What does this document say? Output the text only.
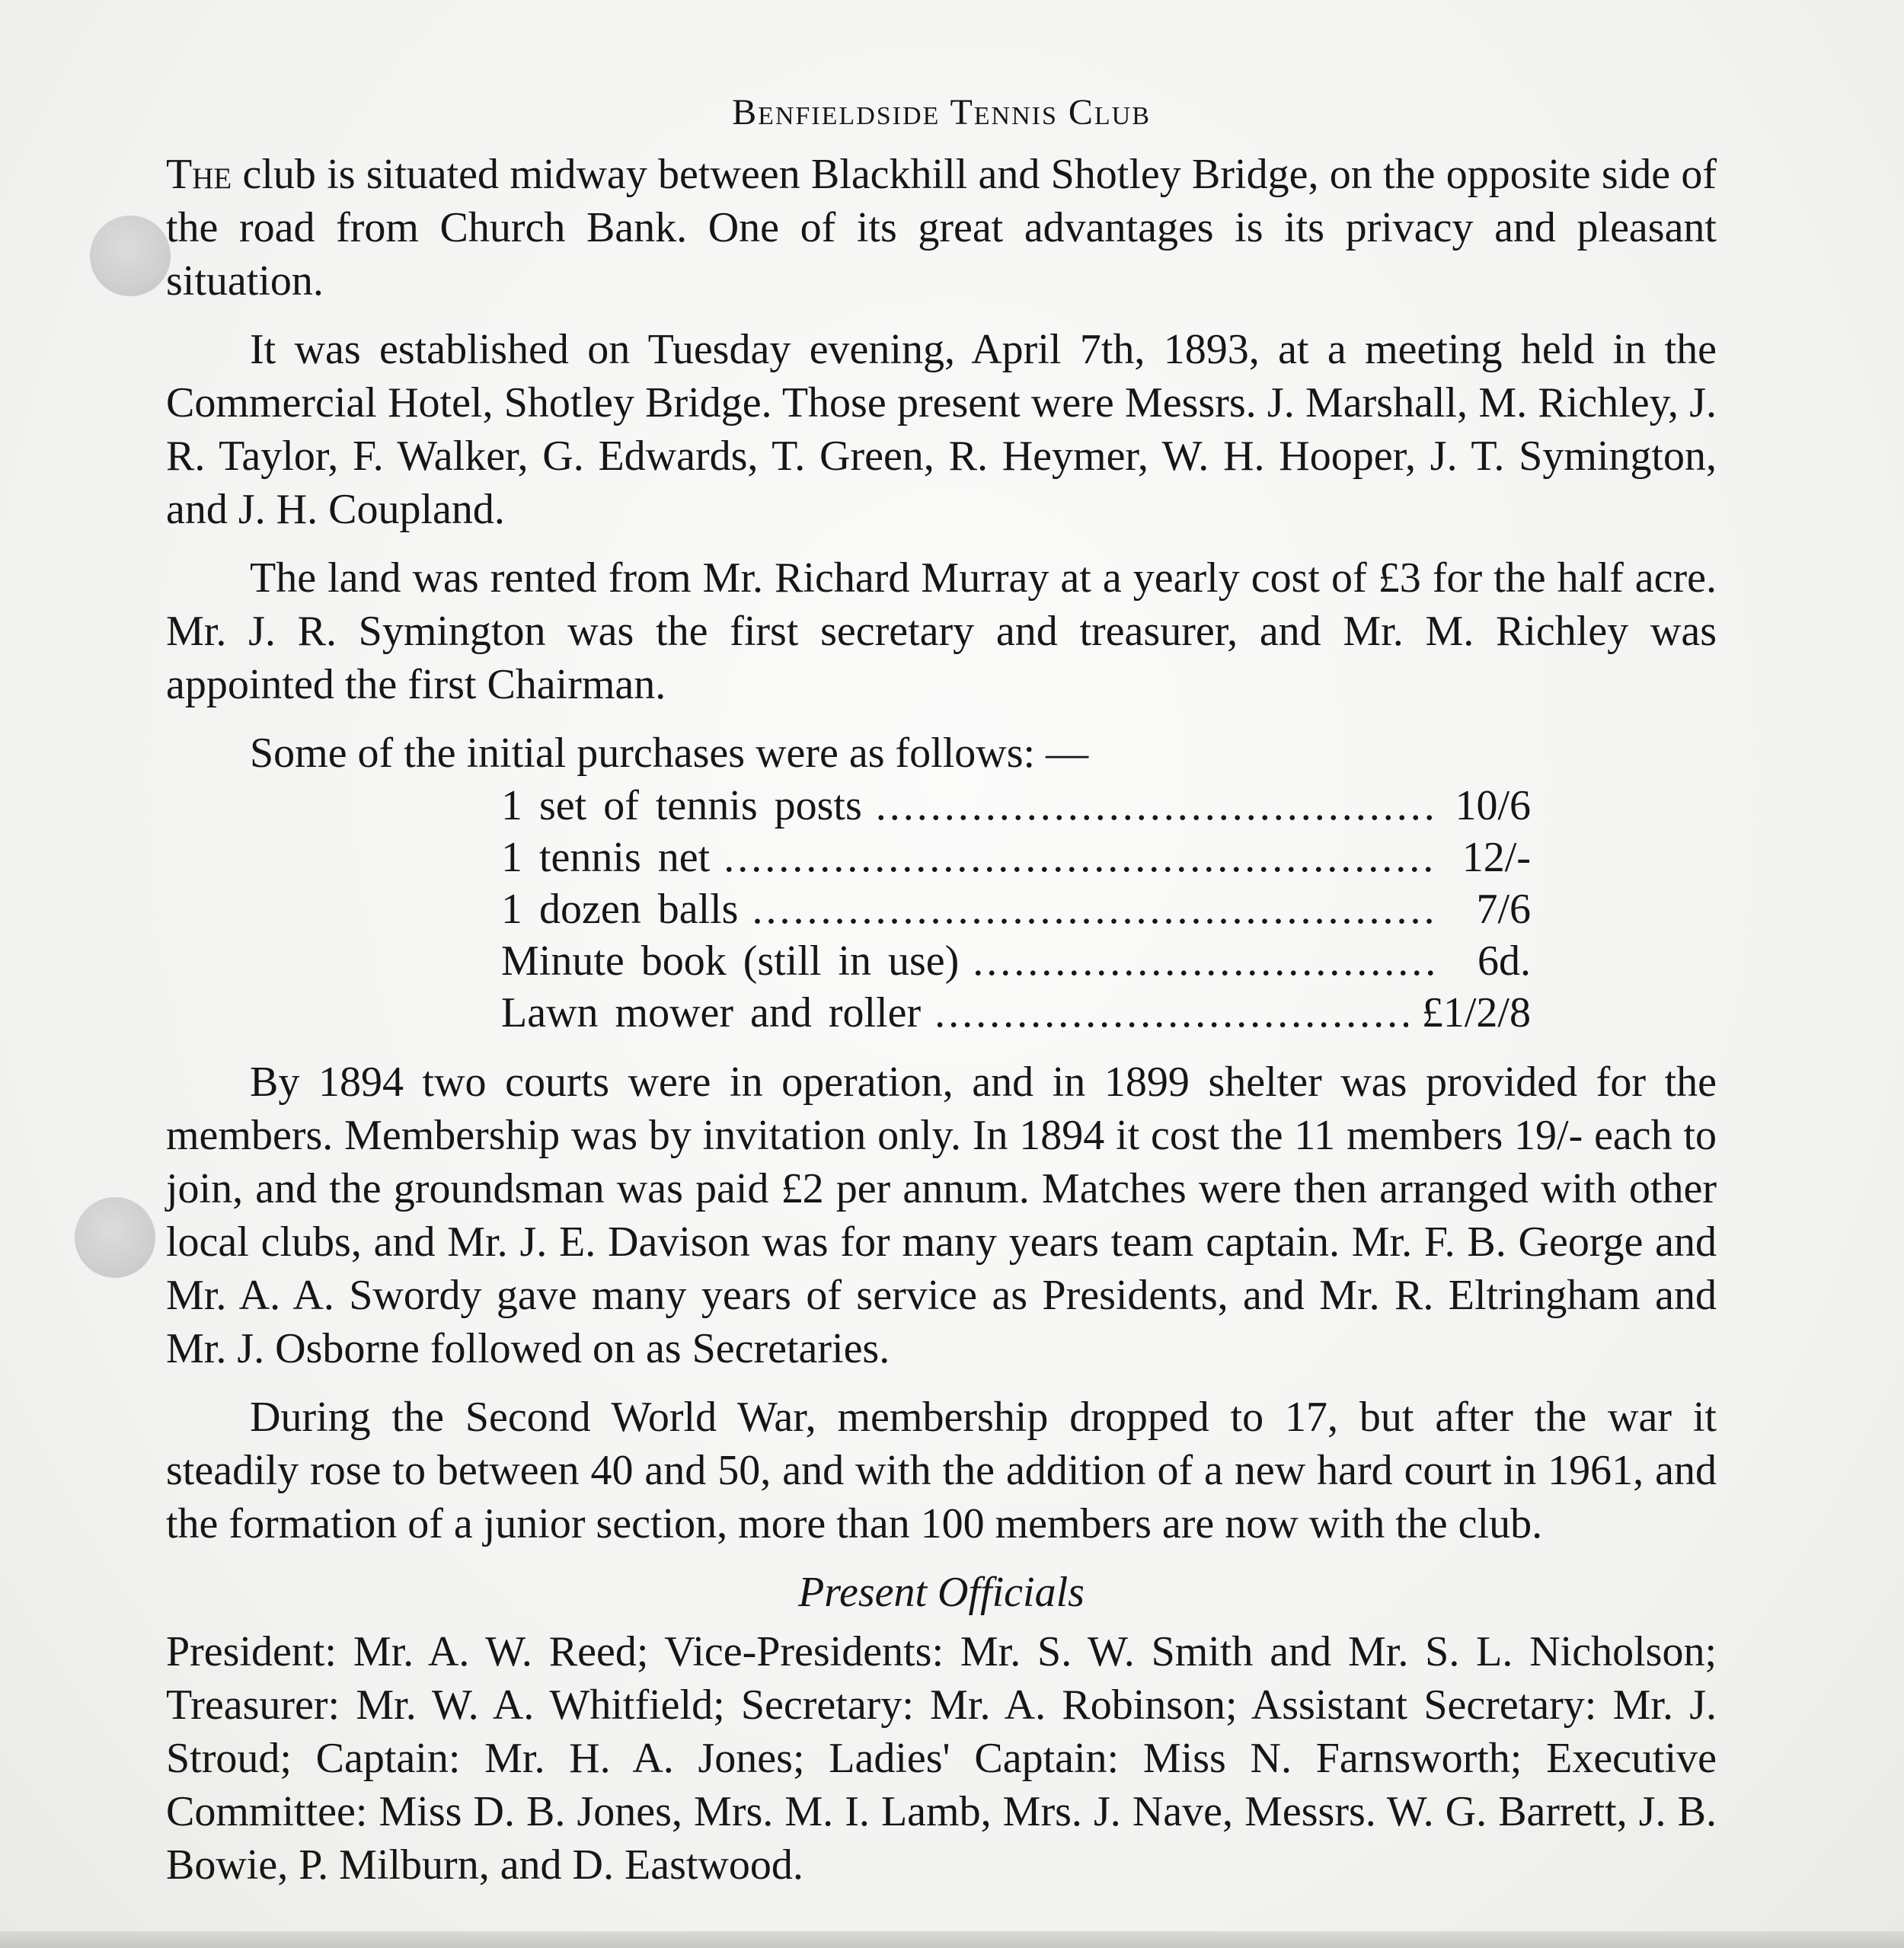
Benfieldside Tennis Club

The club is situated midway between Blackhill and Shotley Bridge, on the opposite side of the road from Church Bank. One of its great advantages is its privacy and pleasant situation.

It was established on Tuesday evening, April 7th, 1893, at a meeting held in the Commercial Hotel, Shotley Bridge. Those present were Messrs. J. Marshall, M. Richley, J. R. Taylor, F. Walker, G. Edwards, T. Green, R. Heymer, W. H. Hooper, J. T. Symington, and J. H. Coupland.

The land was rented from Mr. Richard Murray at a yearly cost of £3 for the half acre. Mr. J. R. Symington was the first secretary and treasurer, and Mr. M. Richley was appointed the first Chairman.

Some of the initial purchases were as follows: —

1 set of tennis posts .....	10/6
1 tennis net .....	12/-
1 dozen balls .....	7/6
Minute book (still in use) .....	6d.
Lawn mower and roller .....	£1/2/8

By 1894 two courts were in operation, and in 1899 shelter was provided for the members. Membership was by invitation only. In 1894 it cost the 11 members 19/- each to join, and the groundsman was paid £2 per annum. Matches were then arranged with other local clubs, and Mr. J. E. Davison was for many years team captain. Mr. F. B. George and Mr. A. A. Swordy gave many years of service as Presidents, and Mr. R. Eltringham and Mr. J. Osborne followed on as Secretaries.

During the Second World War, membership dropped to 17, but after the war it steadily rose to between 40 and 50, and with the addition of a new hard court in 1961, and the formation of a junior section, more than 100 members are now with the club.

Present Officials

President: Mr. A. W. Reed; Vice-Presidents: Mr. S. W. Smith and Mr. S. L. Nicholson; Treasurer: Mr. W. A. Whitfield; Secretary: Mr. A. Robinson; Assistant Secretary: Mr. J. Stroud; Captain: Mr. H. A. Jones; Ladies' Captain: Miss N. Farnsworth; Executive Committee: Miss D. B. Jones, Mrs. M. I. Lamb, Mrs. J. Nave, Messrs. W. G. Barrett, J. B. Bowie, P. Milburn, and D. Eastwood.
